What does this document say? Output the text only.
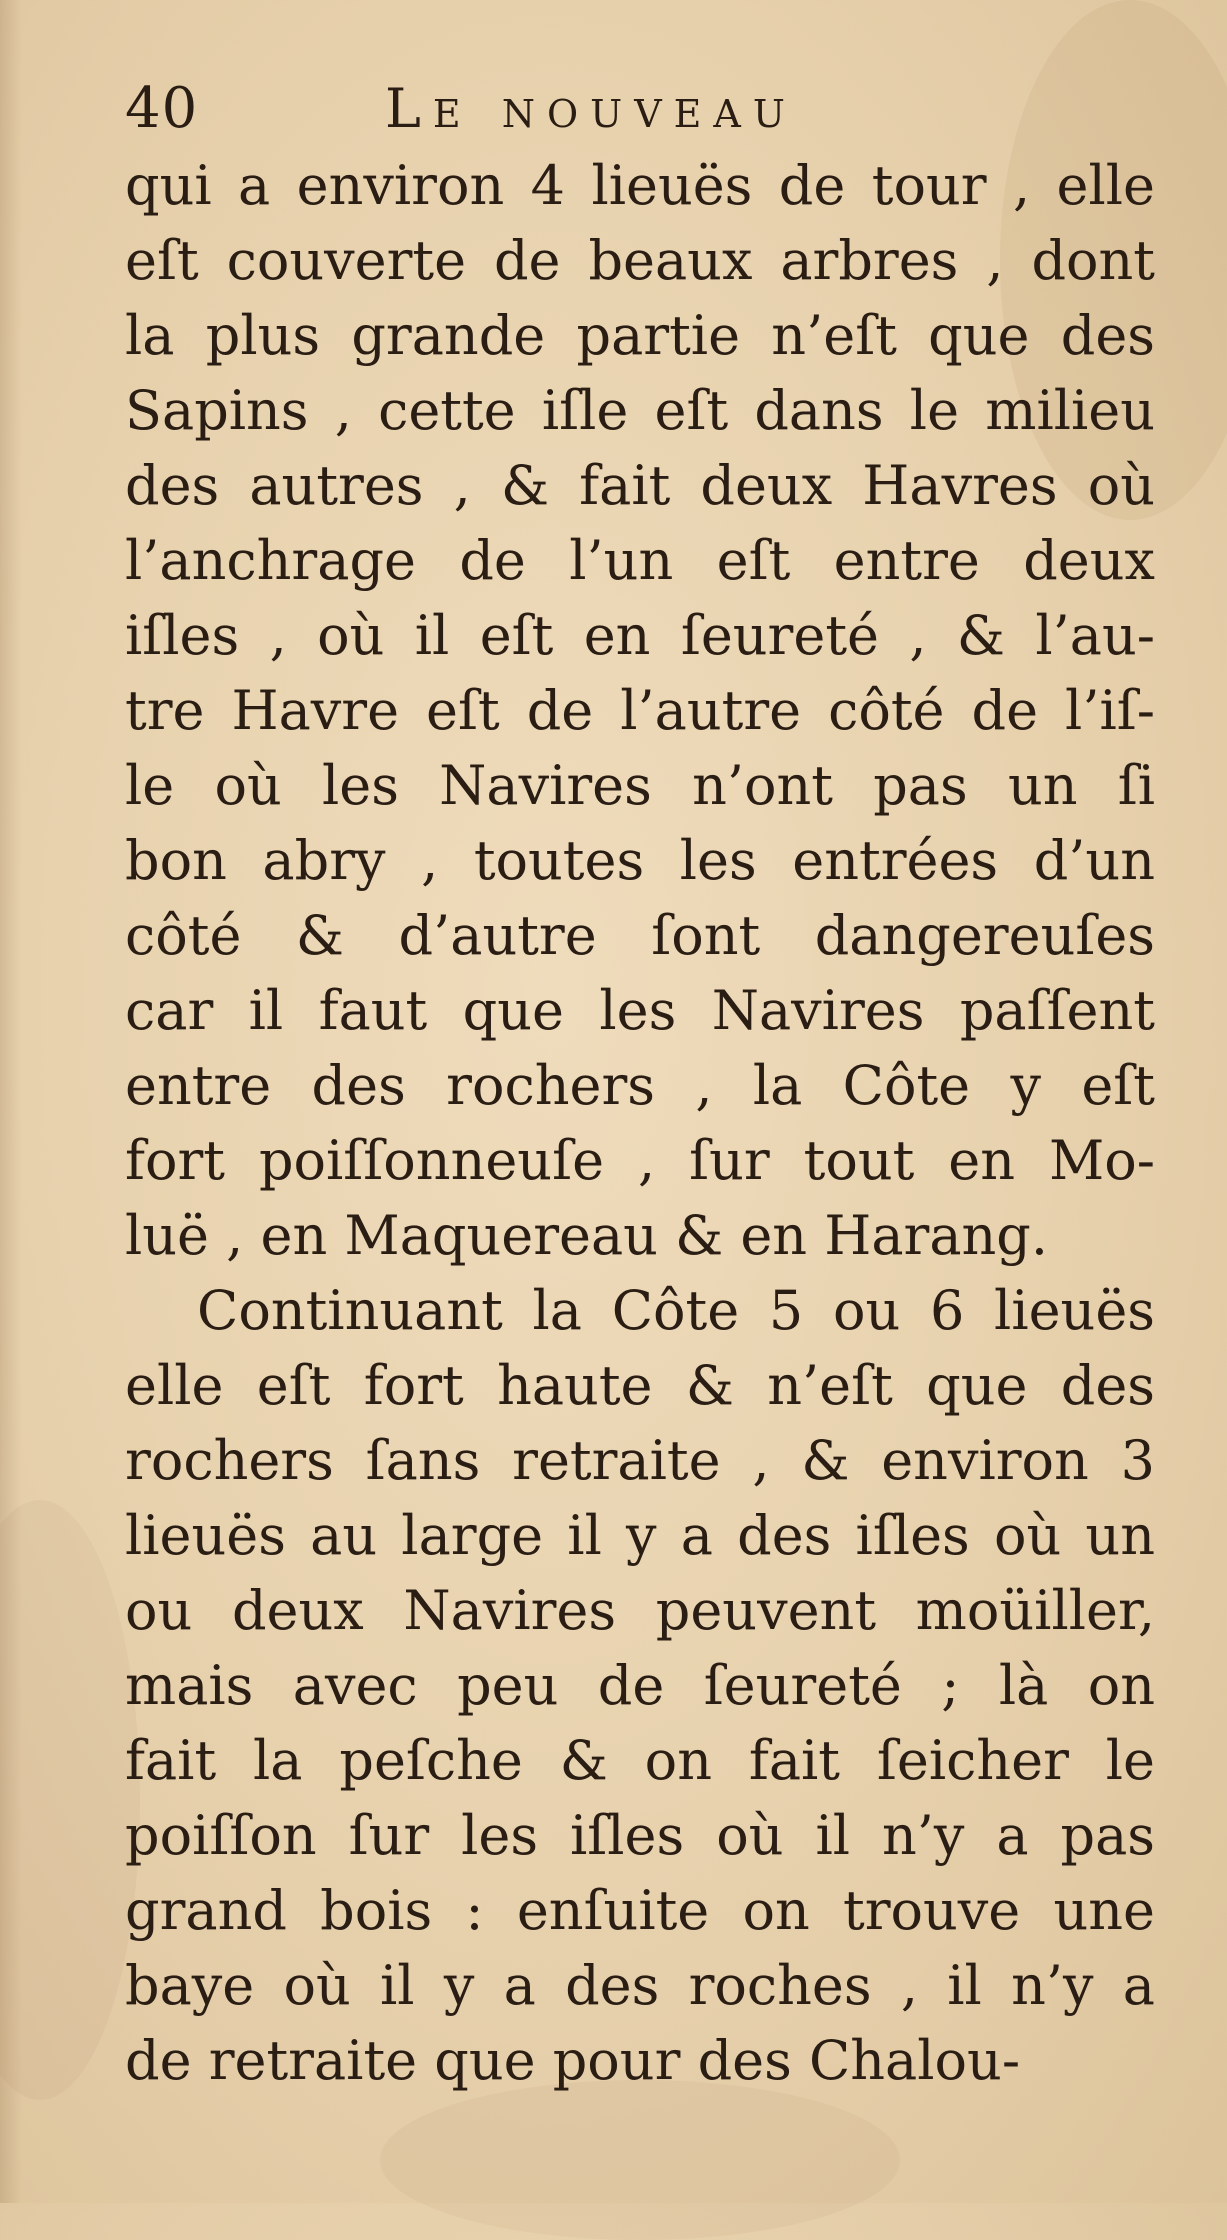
40	Le nouveau
qui a environ 4 lieuës de tour , elle
eſt couverte de beaux arbres , dont
la plus grande partie n’eſt que des
Sapins , cette iſle eſt dans le milieu
des autres , & fait deux Havres où
l’anchrage de l’un eſt entre deux
iſles , où il eſt en ſeureté , & l’au-
tre Havre eſt de l’autre côté de l’iſ-
le où les Navires n’ont pas un ſi
bon abry , toutes les entrées d’un
côté & d’autre ſont dangereuſes
car il faut que les Navires paſſent
entre des rochers , la Côte y eſt
fort poiſſonneuſe , ſur tout en Mo-
luë , en Maquereau & en Harang.
Continuant la Côte 5 ou 6 lieuës
elle eſt fort haute & n’eſt que des
rochers ſans retraite , & environ 3
lieuës au large il y a des iſles où un
ou deux Navires peuvent moüiller,
mais avec peu de ſeureté ; là on
fait la peſche & on fait ſeicher le
poiſſon ſur les iſles où il n’y a pas
grand bois : enſuite on trouve une
baye où il y a des roches , il n’y a
de retraite que pour des Chalou-
